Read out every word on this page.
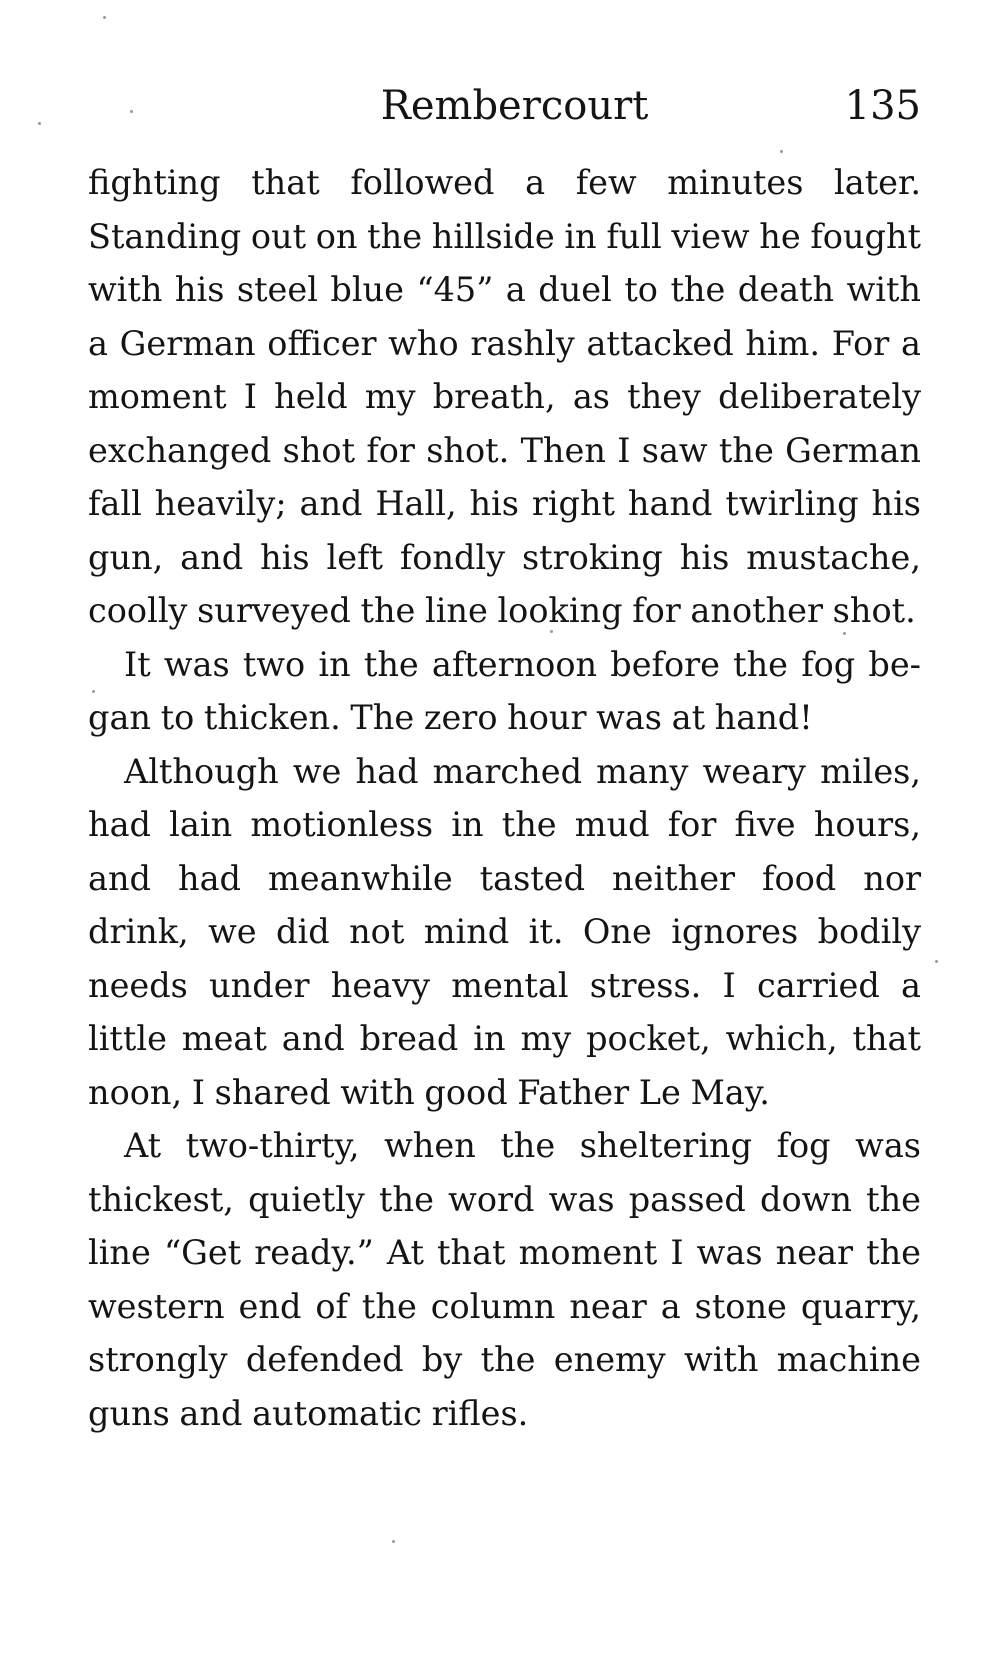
Rembercourt	135

fighting that followed a few minutes later. Standing out on the hillside in full view he fought with his steel blue “45” a duel to the death with a German officer who rashly attacked him. For a moment I held my breath, as they deliberately exchanged shot for shot. Then I saw the German fall heavily; and Hall, his right hand twirling his gun, and his left fondly stroking his mustache, coolly surveyed the line looking for another shot.

It was two in the afternoon before the fog began to thicken. The zero hour was at hand!

Although we had marched many weary miles, had lain motionless in the mud for five hours, and had meanwhile tasted neither food nor drink, we did not mind it. One ignores bodily needs under heavy mental stress. I carried a little meat and bread in my pocket, which, that noon, I shared with good Father Le May.

At two-thirty, when the sheltering fog was thickest, quietly the word was passed down the line “Get ready.” At that moment I was near the western end of the column near a stone quarry, strongly defended by the enemy with machine guns and automatic rifles.
